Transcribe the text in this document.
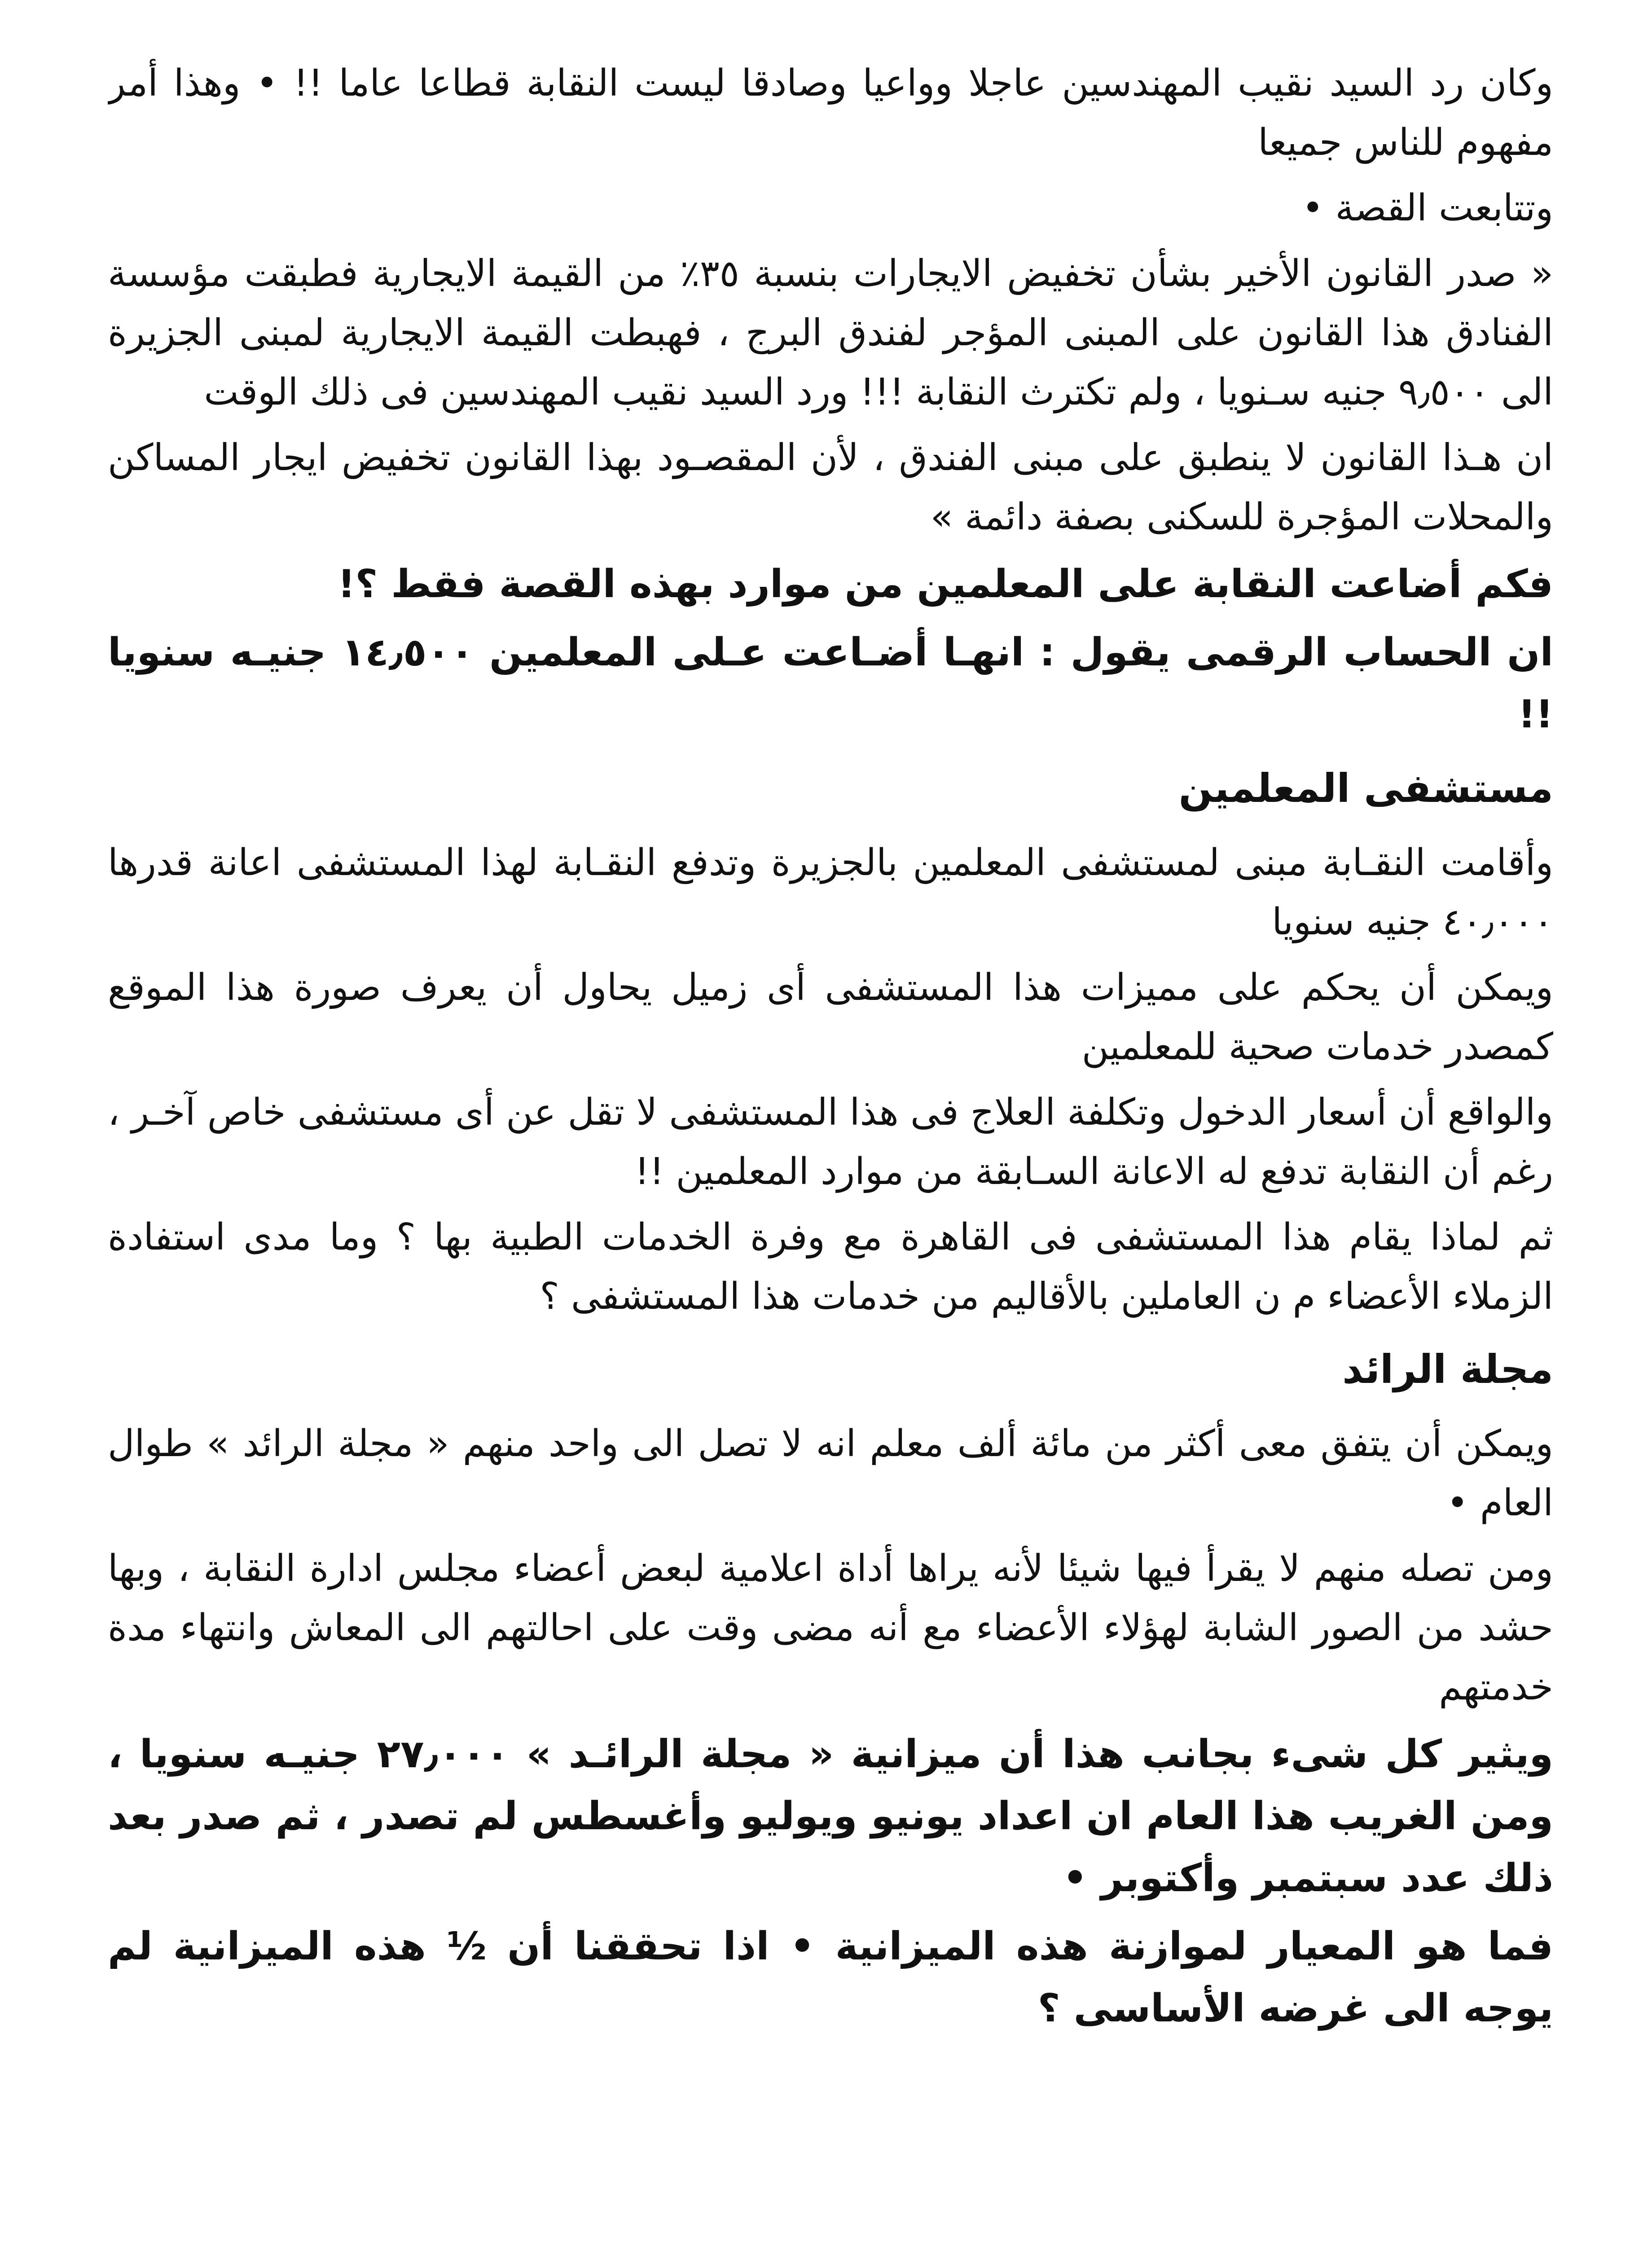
وكان رد السيد نقيب المهندسين عاجلا وواعيا وصادقا ليست النقابة قطاعا عاما !! • وهذا أمر مفهوم للناس جميعا

وتتابعت القصة •

« صدر القانون الأخير بشأن تخفيض الايجارات بنسبة ٣٥٪ من القيمة الايجارية فطبقت مؤسسة الفنادق هذا القانون على المبنى المؤجر لفندق البرج ، فهبطت القيمة الايجارية لمبنى الجزيرة الى ٩٫٥٠٠ جنيه سـنويا ، ولم تكترث النقابة !!! ورد السيد نقيب المهندسين فى ذلك الوقت

ان هـذا القانون لا ينطبق على مبنى الفندق ، لأن المقصـود بهذا القانون تخفيض ايجار المساكن والمحلات المؤجرة للسكنى بصفة دائمة »

فكم أضاعت النقابة على المعلمين من موارد بهذه القصة فقط ؟!

ان الحساب الرقمى يقول : انهـا أضـاعت عـلى المعلمين ١٤٫٥٠٠ جنيـه سنويا !!

مستشفى المعلمين

وأقامت النقـابة مبنى لمستشفى المعلمين بالجزيرة وتدفع النقـابة لهذا المستشفى اعانة قدرها ٤٠٫٠٠٠ جنيه سنويا

ويمكن أن يحكم على مميزات هذا المستشفى أى زميل يحاول أن يعرف صورة هذا الموقع كمصدر خدمات صحية للمعلمين

والواقع أن أسعار الدخول وتكلفة العلاج فى هذا المستشفى لا تقل عن أى مستشفى خاص آخـر ، رغم أن النقابة تدفع له الاعانة السـابقة من موارد المعلمين !!

ثم لماذا يقام هذا المستشفى فى القاهرة مع وفرة الخدمات الطبية بها ؟ وما مدى استفادة الزملاء الأعضاء م ن العاملين بالأقاليم من خدمات هذا المستشفى ؟

مجلة الرائد

ويمكن أن يتفق معى أكثر من مائة ألف معلم انه لا تصل الى واحد منهم « مجلة الرائد » طوال العام •

ومن تصله منهم لا يقرأ فيها شيئا لأنه يراها أداة اعلامية لبعض أعضاء مجلس ادارة النقابة ، وبها حشد من الصور الشابة لهؤلاء الأعضاء مع أنه مضى وقت على احالتهم الى المعاش وانتهاء مدة خدمتهم

ويثير كل شىء بجانب هذا أن ميزانية « مجلة الرائـد » ٢٧٫٠٠٠ جنيـه سنويا ، ومن الغريب هذا العام ان اعداد يونيو ويوليو وأغسطس لم تصدر ، ثم صدر بعد ذلك عدد سبتمبر وأكتوبر •

فما هو المعيار لموازنة هذه الميزانية • اذا تحققنا أن ½ هذه الميزانية لم يوجه الى غرضه الأساسى ؟
